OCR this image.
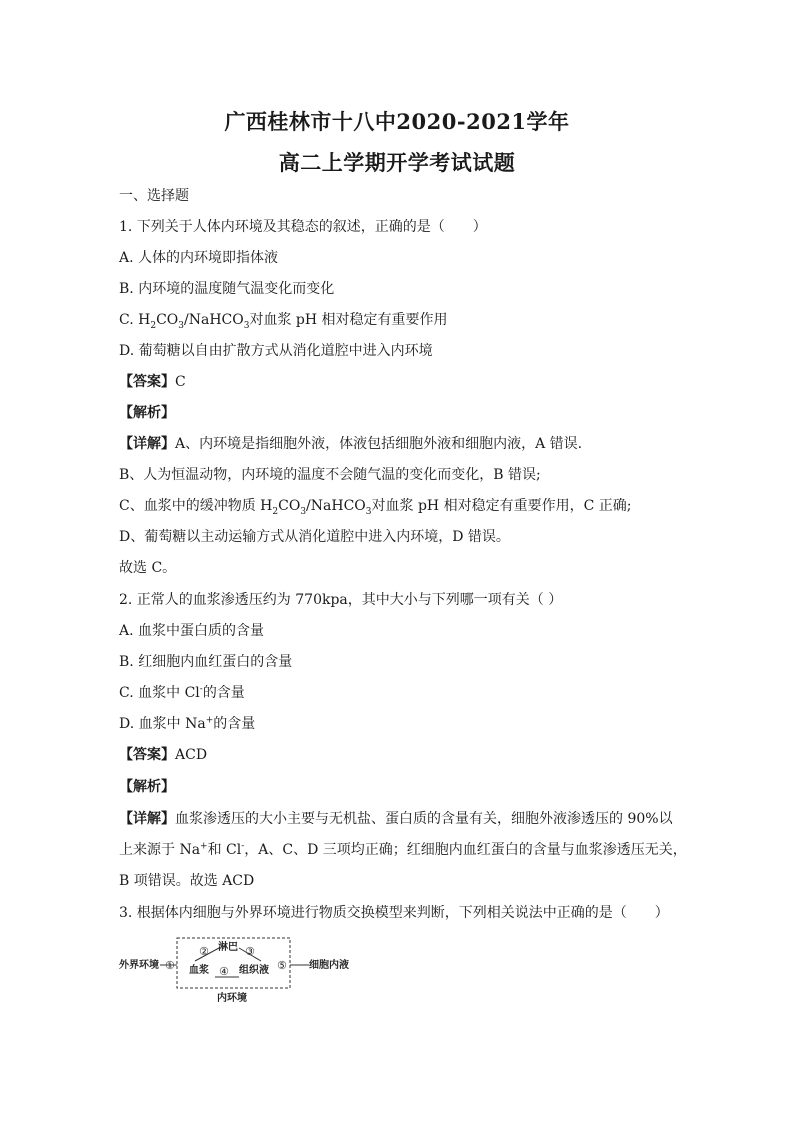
广西桂林市十八中2020-2021学年
高二上学期开学考试试题
一、选择题
1. 下列关于人体内环境及其稳态的叙述，正确的是（　　）
A. 人体的内环境即指体液
B. 内环境的温度随气温变化而变化
C. $H_2CO_3/NaHCO_3$对血浆 pH 相对稳定有重要作用
D. 葡萄糖以自由扩散方式从消化道腔中进入内环境
【答案】C
【解析】
【详解】A、内环境是指细胞外液，体液包括细胞外液和细胞内液，A 错误.
B、人为恒温动物，内环境的温度不会随气温的变化而变化，B 错误;
C、血浆中的缓冲物质 $H_2CO_3/NaHCO_3$对血浆 pH 相对稳定有重要作用，C 正确;
D、葡萄糖以主动运输方式从消化道腔中进入内环境，D 错误。
故选 C。
2. 正常人的血浆渗透压约为 770kpa，其中大小与下列哪一项有关（ ）
A. 血浆中蛋白质的含量
B. 红细胞内血红蛋白的含量
C. 血浆中 Cl-的含量
D. 血浆中 Na+的含量
【答案】ACD
【解析】
【详解】血浆渗透压的大小主要与无机盐、蛋白质的含量有关，细胞外液渗透压的 90%以
上来源于 Na+和 Cl-，A、C、D 三项均正确；红细胞内血红蛋白的含量与血浆渗透压无关，
B 项错误。故选 ACD
3. 根据体内细胞与外界环境进行物质交换模型来判断，下列相关说法中正确的是（　　）
外界环境 ①
② 淋巴 ③
血浆 ④ 组织液 ⑤ 细胞内液
内环境
